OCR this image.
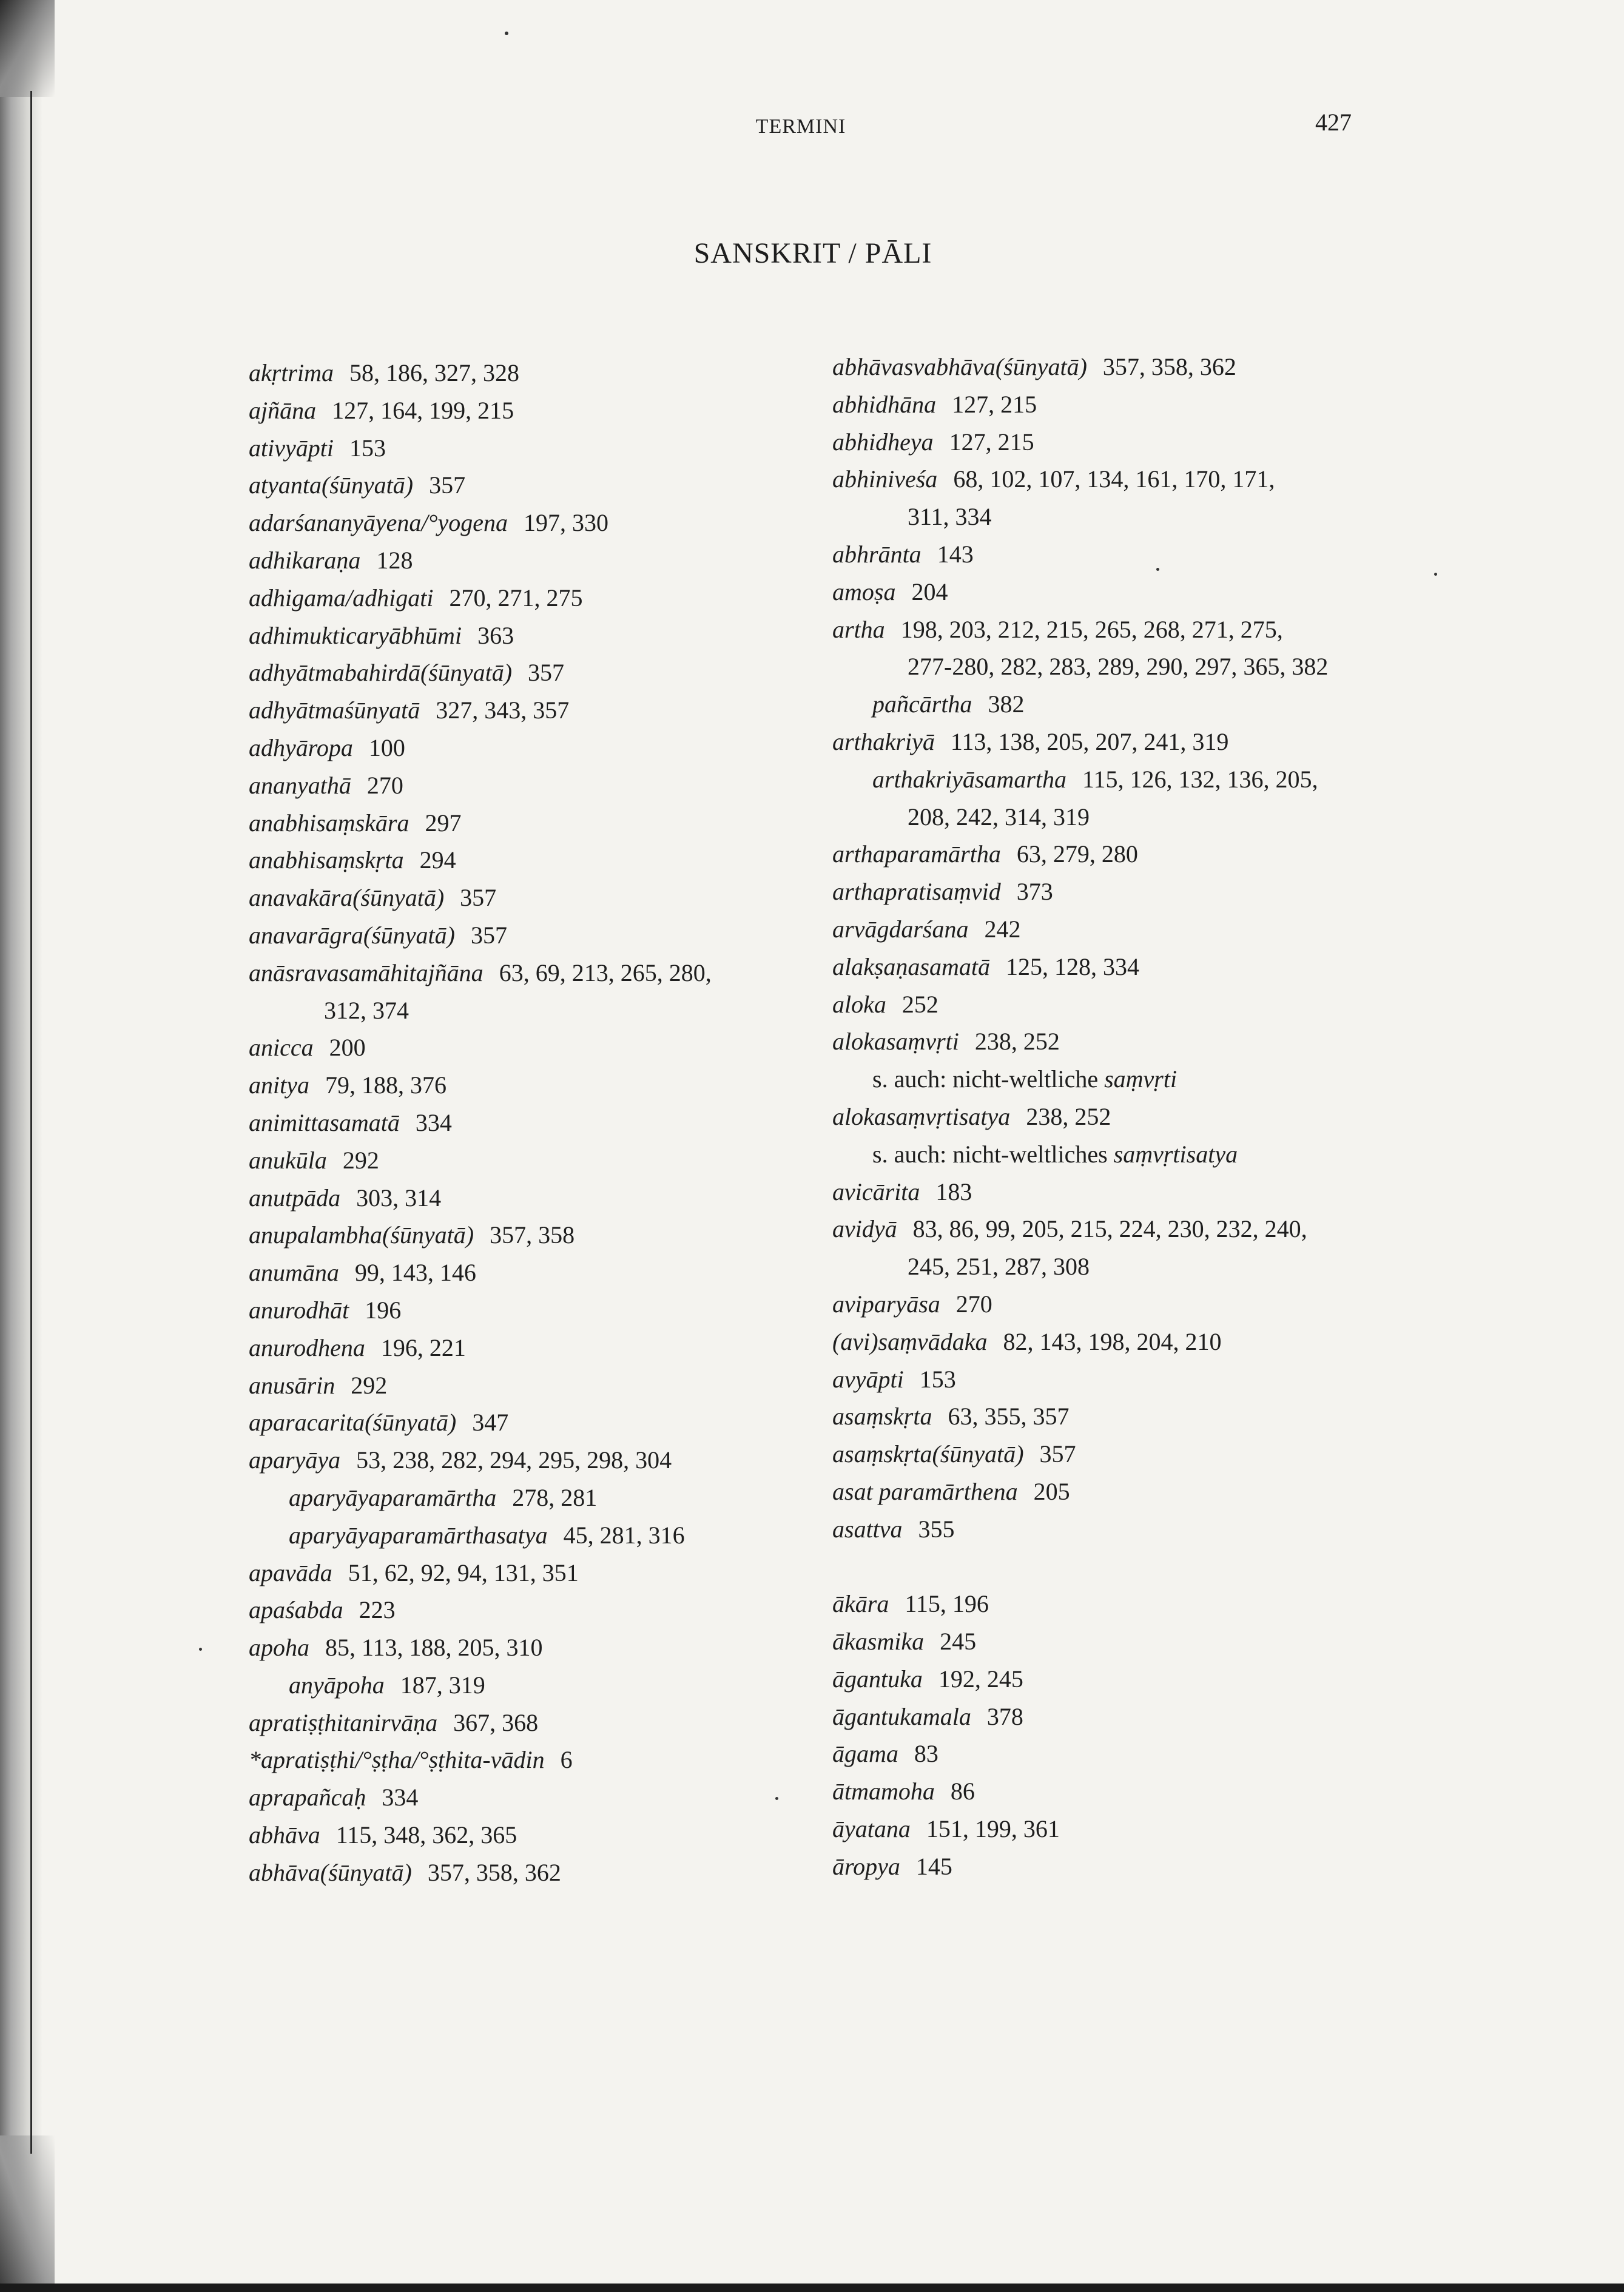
TERMINI	427
SANSKRIT / PĀLI
akṛtrima 58, 186, 327, 328
ajñāna 127, 164, 199, 215
ativyāpti 153
atyanta(śūnyatā) 357
adarśananyāyena/°yogena 197, 330
adhikaraṇa 128
adhigama/adhigati 270, 271, 275
adhimukticaryābhūmi 363
adhyātmabahirdā(śūnyatā) 357
adhyātmaśūnyatā 327, 343, 357
adhyāropa 100
ananyathā 270
anabhisaṃskāra 297
anabhisaṃskṛta 294
anavakāra(śūnyatā) 357
anavarāgra(śūnyatā) 357
anāsravasamāhitajñāna 63, 69, 213, 265, 280,
312, 374
anicca 200
anitya 79, 188, 376
animittasamatā 334
anukūla 292
anutpāda 303, 314
anupalambha(śūnyatā) 357, 358
anumāna 99, 143, 146
anurodhāt 196
anurodhena 196, 221
anusārin 292
aparacarita(śūnyatā) 347
aparyāya 53, 238, 282, 294, 295, 298, 304
aparyāyaparamārtha 278, 281
aparyāyaparamārthasatya 45, 281, 316
apavāda 51, 62, 92, 94, 131, 351
apaśabda 223
apoha 85, 113, 188, 205, 310
anyāpoha 187, 319
apratiṣṭhitanirvāṇa 367, 368
*apratiṣṭhi/°ṣṭha/°ṣṭhita-vādin 6
aprapañcaḥ 334
abhāva 115, 348, 362, 365
abhāva(śūnyatā) 357, 358, 362
abhāvasvabhāva(śūnyatā) 357, 358, 362
abhidhāna 127, 215
abhidheya 127, 215
abhiniveśa 68, 102, 107, 134, 161, 170, 171,
311, 334
abhrānta 143
amoṣa 204
artha 198, 203, 212, 215, 265, 268, 271, 275,
277-280, 282, 283, 289, 290, 297, 365, 382
pañcārtha 382
arthakriyā 113, 138, 205, 207, 241, 319
arthakriyāsamartha 115, 126, 132, 136, 205,
208, 242, 314, 319
arthaparamārtha 63, 279, 280
arthapratisaṃvid 373
arvāgdarśana 242
alakṣaṇasamatā 125, 128, 334
aloka 252
alokasaṃvṛti 238, 252
s. auch: nicht-weltliche saṃvṛti
alokasaṃvṛtisatya 238, 252
s. auch: nicht-weltliches saṃvṛtisatya
avicārita 183
avidyā 83, 86, 99, 205, 215, 224, 230, 232, 240,
245, 251, 287, 308
aviparyāsa 270
(avi)saṃvādaka 82, 143, 198, 204, 210
avyāpti 153
asaṃskṛta 63, 355, 357
asaṃskṛta(śūnyatā) 357
asat paramārthena 205
asattva 355
ākāra 115, 196
ākasmika 245
āgantuka 192, 245
āgantukamala 378
āgama 83
ātmamoha 86
āyatana 151, 199, 361
āropya 145
